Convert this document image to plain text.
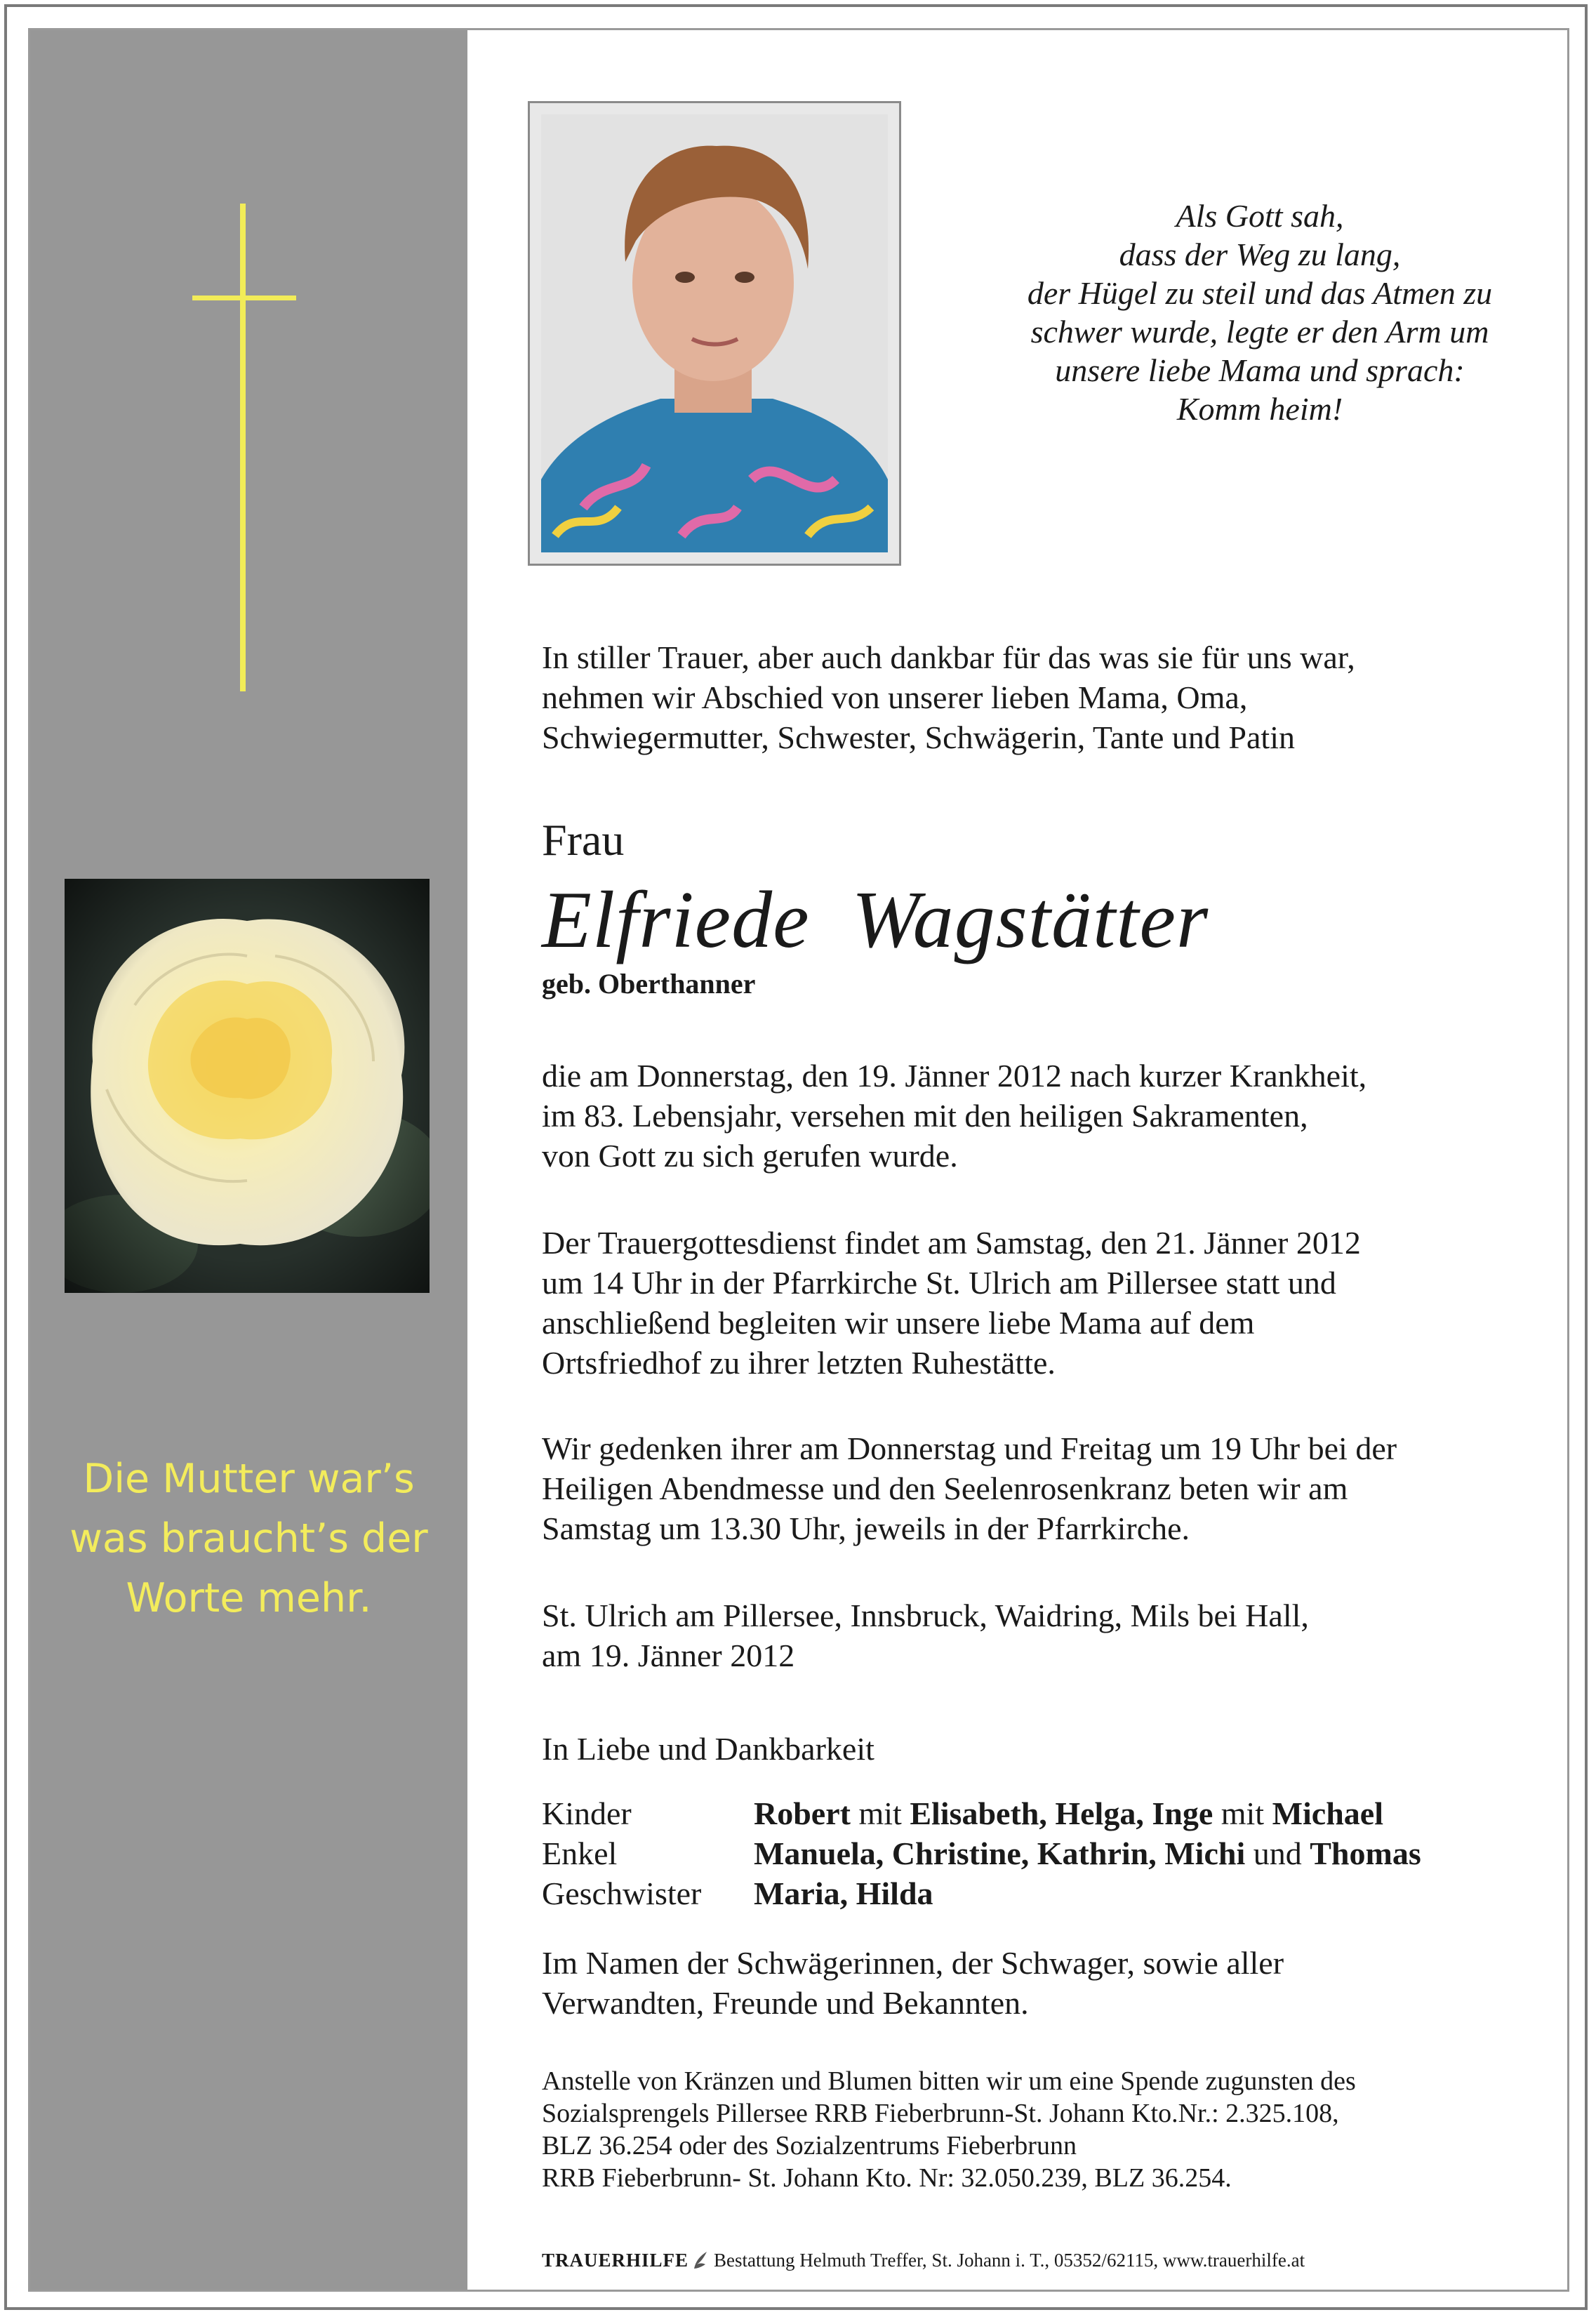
Die Mutter war’s
was braucht’s der
Worte mehr.
Als Gott sah,
dass der Weg zu lang,
der Hügel zu steil und das Atmen zu
schwer wurde, legte er den Arm um
unsere liebe Mama und sprach:
Komm heim!
In stiller Trauer, aber auch dankbar für das was sie für uns war,
nehmen wir Abschied von unserer lieben Mama, Oma,
Schwiegermutter, Schwester, Schwägerin, Tante und Patin
Frau
Elfriede  Wagstätter
geb. Oberthanner
die am Donnerstag, den 19. Jänner 2012 nach kurzer Krankheit,
im 83. Lebensjahr, versehen mit den heiligen Sakramenten,
von Gott zu sich gerufen wurde.
Der Trauergottesdienst findet am Samstag, den 21. Jänner 2012
um 14 Uhr in der Pfarrkirche St. Ulrich am Pillersee statt und
anschließend begleiten wir unsere liebe Mama auf dem
Ortsfriedhof zu ihrer letzten Ruhestätte.
Wir gedenken ihrer am Donnerstag und Freitag um 19 Uhr bei der
Heiligen Abendmesse und den Seelenrosenkranz beten wir am
Samstag um 13.30 Uhr, jeweils in der Pfarrkirche.
St. Ulrich am Pillersee, Innsbruck, Waidring, Mils bei Hall,
am 19. Jänner 2012
In Liebe und Dankbarkeit
Kinder	Robert mit Elisabeth, Helga, Inge mit Michael
Enkel	Manuela, Christine, Kathrin, Michi und Thomas
Geschwister	Maria, Hilda
Im Namen der Schwägerinnen, der Schwager, sowie aller
Verwandten, Freunde und Bekannten.
Anstelle von Kränzen und Blumen bitten wir um eine Spende zugunsten des
Sozialsprengels Pillersee RRB Fieberbrunn-St. Johann Kto.Nr.: 2.325.108,
BLZ 36.254 oder des Sozialzentrums Fieberbrunn
RRB Fieberbrunn- St. Johann Kto. Nr: 32.050.239, BLZ 36.254.
TRAUERHILFE Bestattung Helmuth Treffer, St. Johann i. T., 05352/62115, www.trauerhilfe.at
